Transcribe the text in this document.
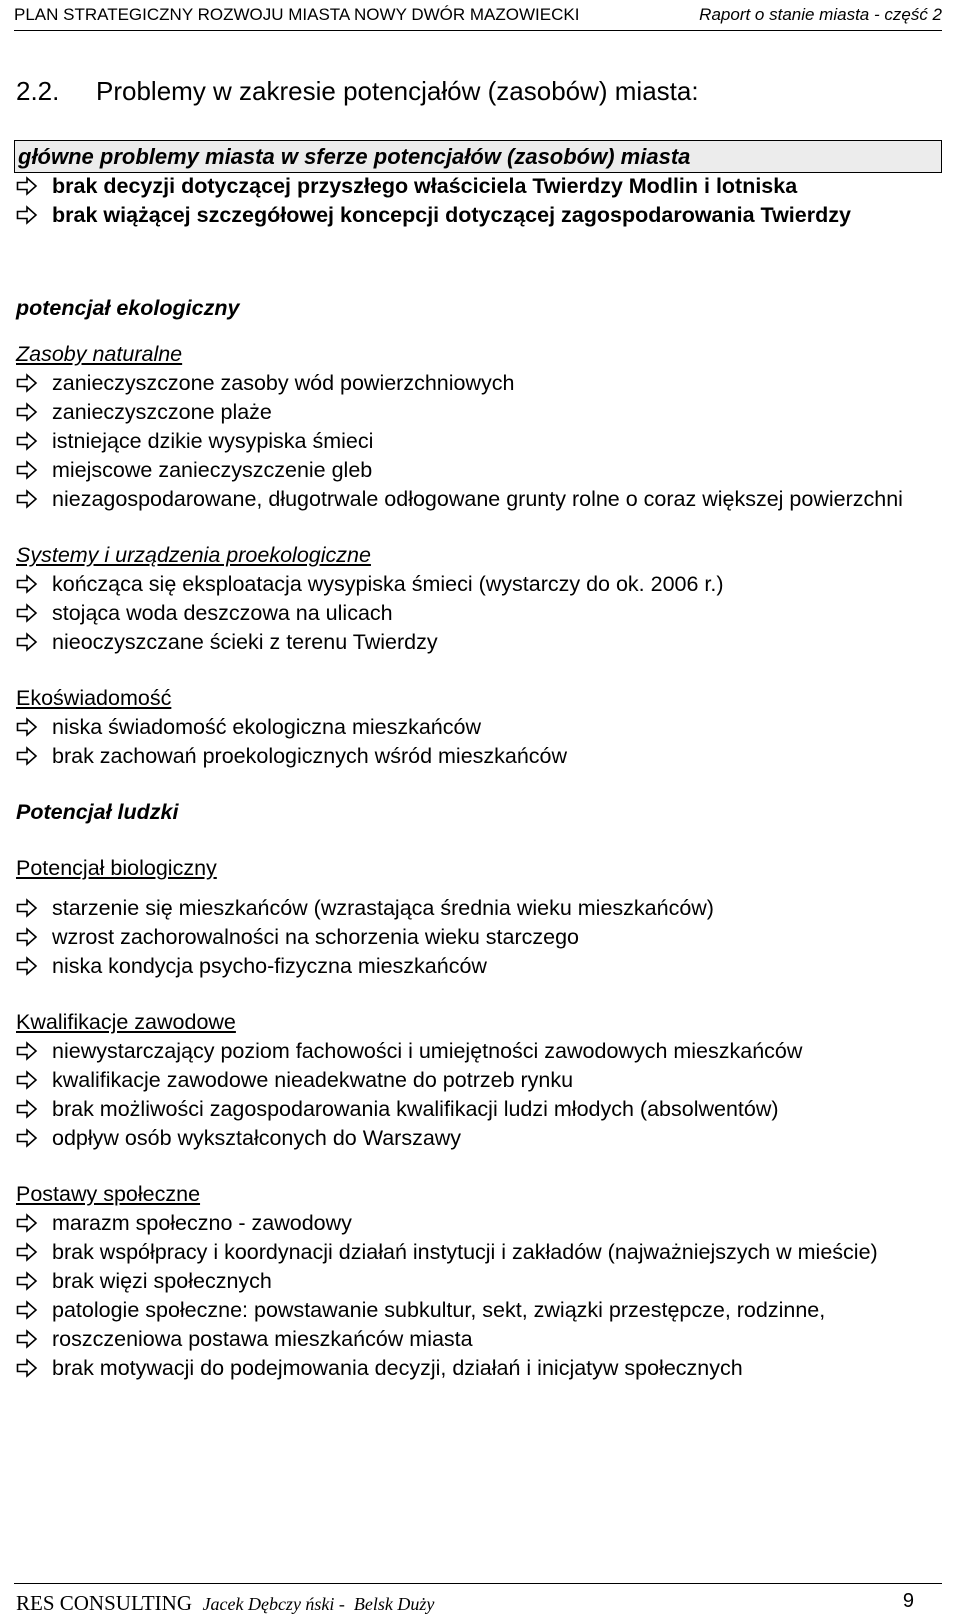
PLAN STRATEGICZNY ROZWOJU MIASTA NOWY DWÓR MAZOWIECKI	Raport o stanie miasta - część 2
2.2. Problemy w zakresie potencjałów (zasobów) miasta:
główne problemy miasta w sferze potencjałów (zasobów) miasta
brak decyzji dotyczącej przyszłego właściciela Twierdzy Modlin i lotniska
brak wiążącej szczegółowej koncepcji dotyczącej zagospodarowania Twierdzy
potencjał ekologiczny
Zasoby naturalne
zanieczyszczone zasoby wód powierzchniowych
zanieczyszczone plaże
istniejące dzikie wysypiska śmieci
miejscowe zanieczyszczenie gleb
niezagospodarowane, długotrwale odłogowane grunty rolne o coraz większej powierzchni
Systemy i urządzenia proekologiczne
kończąca się eksploatacja wysypiska śmieci (wystarczy do ok. 2006 r.)
stojąca woda deszczowa na ulicach
nieoczyszczane ścieki z terenu Twierdzy
Ekoświadomość
niska świadomość ekologiczna mieszkańców
brak zachowań proekologicznych wśród mieszkańców
Potencjał ludzki
Potencjał biologiczny
starzenie się mieszkańców (wzrastająca średnia wieku mieszkańców)
wzrost zachorowalności na schorzenia wieku starczego
niska kondycja psycho-fizyczna mieszkańców
Kwalifikacje zawodowe
niewystarczający poziom fachowości i umiejętności zawodowych mieszkańców
kwalifikacje zawodowe nieadekwatne do potrzeb rynku
brak możliwości zagospodarowania kwalifikacji ludzi młodych (absolwentów)
odpływ osób wykształconych do Warszawy
Postawy społeczne
marazm społeczno - zawodowy
brak współpracy i koordynacji działań instytucji i zakładów (najważniejszych w mieście)
brak więzi społecznych
patologie społeczne: powstawanie subkultur, sekt, związki przestępcze, rodzinne,
roszczeniowa postawa mieszkańców miasta
brak motywacji do podejmowania decyzji, działań i inicjatyw społecznych
RES CONSULTING Jacek Dębczy ński -  Belsk Duży	9
